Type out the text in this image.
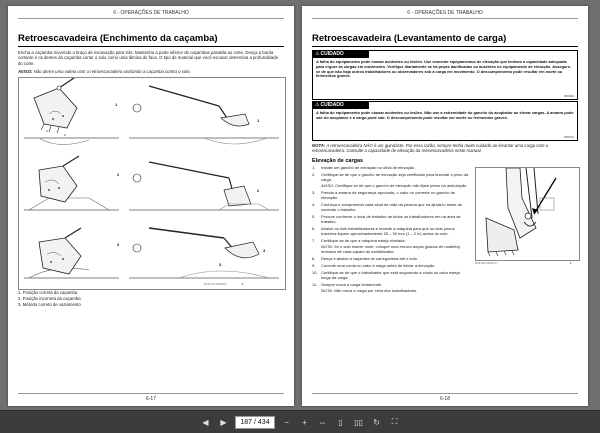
6 - OPERAÇÕES DE TRABALHO
Retroescavadeira (Enchimento da caçamba)
Encha a caçamba movendo o braço de escavação para trás. Mantenha a parte inferior de caçambas paralela ao corte. Desça a borda cortante e os dentes da caçamba cortar o solo como uma lâmina de faca. O tipo de material que você escavar determina a profundidade do corte.
AVISO: Não aterre uma valeta com a retroescavadeira oscilando a caçamba contra o solo.
1
2
3
1
2
3
3
BAIL07CAE00001	1
1. Posição correta da caçamba
2. Posição incorreta da caçamba
3. Método correto de vaziamento
6-17
6 - OPERAÇÕES DE TRABALHO
Retroescavadeira (Levantamento de carga)
⚠CUIDADO
A falha do equipamento pode causar acidentes ou lesões. Use somente equipamentos de elevação que tenham a capacidade adequada para erguer as cargas em movimento. Verifique diariamente se há peças danificadas ou ausentes no equipamento de elevação. Assegure-se de que não haja outros trabalhadores ou observadores sob a carga em movimento. O descumprimento pode resultar em morte ou ferimentos graves.
W0040A
⚠CUIDADO
A falha do equipamento pode causar acidentes ou lesões. Não use a extremidade do gancho do acoplador ao elevar cargas. A amarra pode sair do acoplador e a carga pode cair. O descumprimento pode resultar em morte ou ferimentos graves.
W0157A
NOTA: A retroescavadeira NÃO é um guindaste. Por essa razão, sempre tenha muito cuidado ao levantar uma carga com a retroescavadeira. Consulte a capacidade de elevação da retroescavadeira neste manual.
Elevação de cargas
1.	Instale um gancho de elevação no olhal de elevação.
2.	Certifique-se de que o gancho de elevação seja certificado para levantar o peso da carga.
AVISO: Certifique-se de que o gancho de elevação não fique preso na articulação.
3.	Prenda a amarra de segurança aprovada, o cabo ou corrente no gancho de elevação.
4.	Conheça e compreenda cada sinal de mão da pessoa que irá ajudá-lo antes de conectar o trabalho.
5.	Procure conhecer o local de trabalho de todos os trabalhadores em na área de trabalho.
6.	Abaixe os dois estabilizadores e levante a máquina para que os dois pneus traseiros fiquem aproximadamente 25 – 50 mm (1 – 2 in) acima do solo.
7.	Certifique-se de que a máquina esteja nivelada.
NOTA: Se o solo estiver mole, coloque uma escora ampla (placas de madeira) embaixo de cada sapata do estabilizador.
8.	Desça e abaixe a caçamba de carregadeira até o solo.
9.	Conecte uma corda ou cabo à carga antes de iniciar a elevação.
10. Certifique-se de que o trabalhador que está segurando a corda ou cabo esteja longe da carga.
11. Sempre mova a carga lentamente.
NOTA: Não mova a carga por cima dos trabalhadores.
BAIL09CAE00107	1
6-18
◀	▶	187 / 434	−	+	⇔	▯	▯▯	↻	⛶
